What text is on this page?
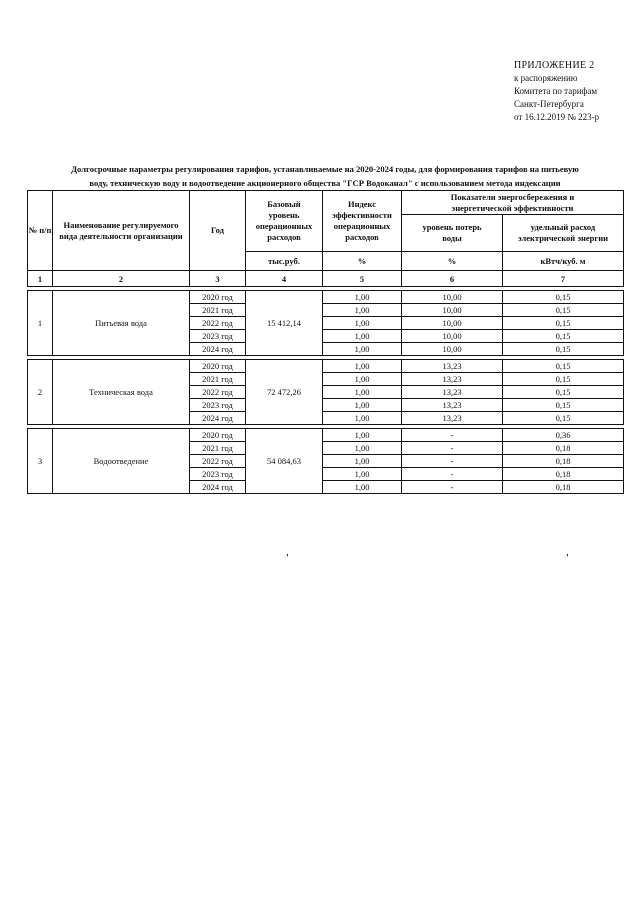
ПРИЛОЖЕНИЕ 2
к распоряжению
Комитета по тарифам
Санкт-Петербурга
от 16.12.2019 № 223-р
Долгосрочные параметры регулирования тарифов, устанавливаемые на 2020-2024 годы, для формирования тарифов на питьевую
воду, техническую воду и водоотведение акционерного общества "ГСР Водоканал" с использованием метода индексации
№ п/п	Наименование регулируемого вида деятельности организации	Год	Базовый уровень операционных расходов	Индекс эффективности операционных расходов	Показатели энергосбережения и энергетической эффективности	
					уровень потерь воды	удельный расход электрической энергии
			тыс.руб.	%	%	кВтч/куб. м
1	2	3	4	5	6	7

1	Питьевая вода	2020 год	15 412,14	1,00	10,00	0,15
		2021 год		1,00	10,00	0,15
		2022 год		1,00	10,00	0,15
		2023 год		1,00	10,00	0,15
		2024 год		1,00	10,00	0,15

2	Техническая вода	2020 год	72 472,26	1,00	13,23	0,15
		2021 год		1,00	13,23	0,15
		2022 год		1,00	13,23	0,15
		2023 год		1,00	13,23	0,15
		2024 год		1,00	13,23	0,15

3	Водоотведение	2020 год	54 084,63	1,00	-	0,36
		2021 год		1,00	-	0,18
		2022 год		1,00	-	0,18
		2023 год		1,00	-	0,18
		2024 год		1,00	-	0,18
'	'
